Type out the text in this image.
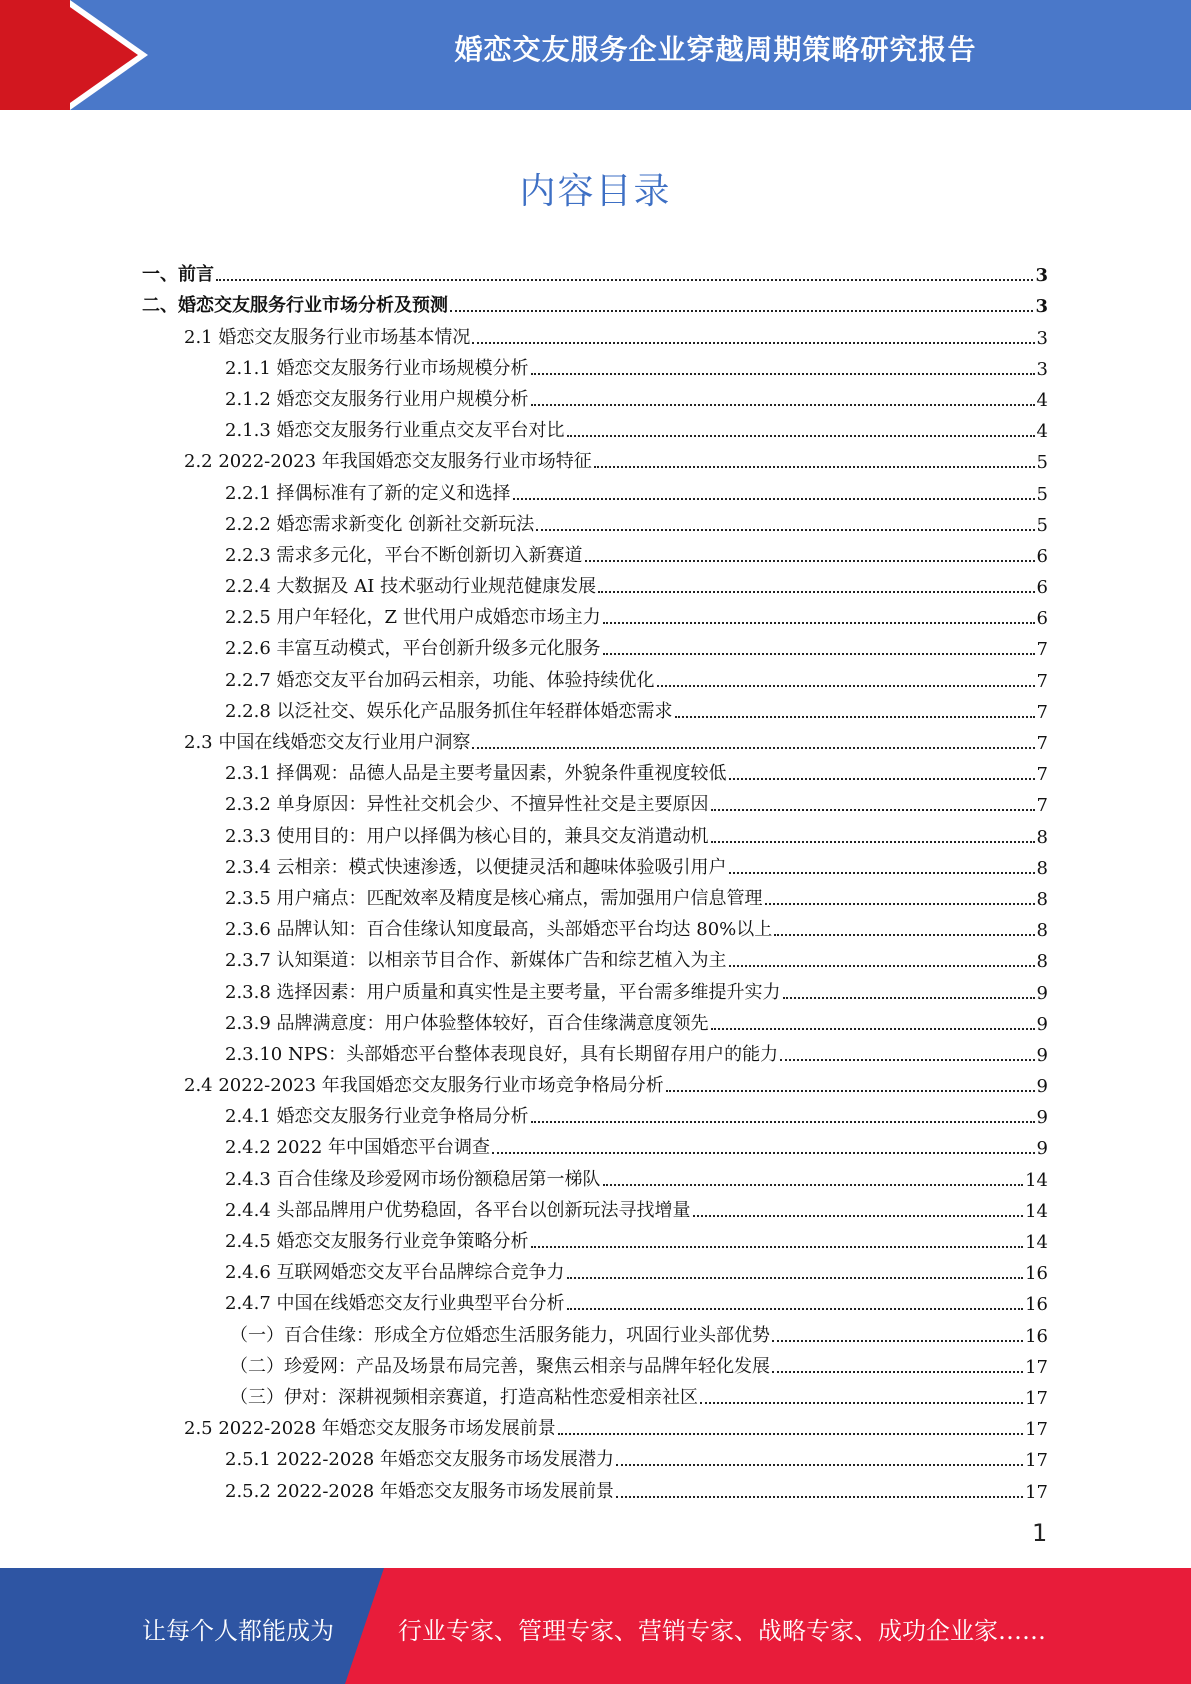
婚恋交友服务企业穿越周期策略研究报告
内容目录
一、前言	3
二、婚恋交友服务行业市场分析及预测	3
2.1 婚恋交友服务行业市场基本情况	3
2.1.1 婚恋交友服务行业市场规模分析	3
2.1.2 婚恋交友服务行业用户规模分析	4
2.1.3 婚恋交友服务行业重点交友平台对比	4
2.2 2022-2023 年我国婚恋交友服务行业市场特征	5
2.2.1 择偶标准有了新的定义和选择	5
2.2.2 婚恋需求新变化 创新社交新玩法	5
2.2.3 需求多元化，平台不断创新切入新赛道	6
2.2.4 大数据及 AI 技术驱动行业规范健康发展	6
2.2.5 用户年轻化，Z 世代用户成婚恋市场主力	6
2.2.6 丰富互动模式，平台创新升级多元化服务	7
2.2.7 婚恋交友平台加码云相亲，功能、体验持续优化	7
2.2.8 以泛社交、娱乐化产品服务抓住年轻群体婚恋需求	7
2.3 中国在线婚恋交友行业用户洞察	7
2.3.1 择偶观：品德人品是主要考量因素，外貌条件重视度较低	7
2.3.2 单身原因：异性社交机会少、不擅异性社交是主要原因	7
2.3.3 使用目的：用户以择偶为核心目的，兼具交友消遣动机	8
2.3.4 云相亲：模式快速渗透，以便捷灵活和趣味体验吸引用户	8
2.3.5 用户痛点：匹配效率及精度是核心痛点，需加强用户信息管理	8
2.3.6 品牌认知：百合佳缘认知度最高，头部婚恋平台均达 80%以上	8
2.3.7 认知渠道：以相亲节目合作、新媒体广告和综艺植入为主	8
2.3.8 选择因素：用户质量和真实性是主要考量，平台需多维提升实力	9
2.3.9 品牌满意度：用户体验整体较好，百合佳缘满意度领先	9
2.3.10 NPS：头部婚恋平台整体表现良好，具有长期留存用户的能力	9
2.4 2022-2023 年我国婚恋交友服务行业市场竞争格局分析	9
2.4.1 婚恋交友服务行业竞争格局分析	9
2.4.2 2022 年中国婚恋平台调查	9
2.4.3 百合佳缘及珍爱网市场份额稳居第一梯队	14
2.4.4 头部品牌用户优势稳固，各平台以创新玩法寻找增量	14
2.4.5 婚恋交友服务行业竞争策略分析	14
2.4.6 互联网婚恋交友平台品牌综合竞争力	16
2.4.7 中国在线婚恋交友行业典型平台分析	16
（一）百合佳缘：形成全方位婚恋生活服务能力，巩固行业头部优势	16
（二）珍爱网：产品及场景布局完善，聚焦云相亲与品牌年轻化发展	17
（三）伊对：深耕视频相亲赛道，打造高粘性恋爱相亲社区	17
2.5 2022-2028 年婚恋交友服务市场发展前景	17
2.5.1 2022-2028 年婚恋交友服务市场发展潜力	17
2.5.2 2022-2028 年婚恋交友服务市场发展前景	17
1
让每个人都能成为	行业专家、管理专家、营销专家、战略专家、成功企业家……
